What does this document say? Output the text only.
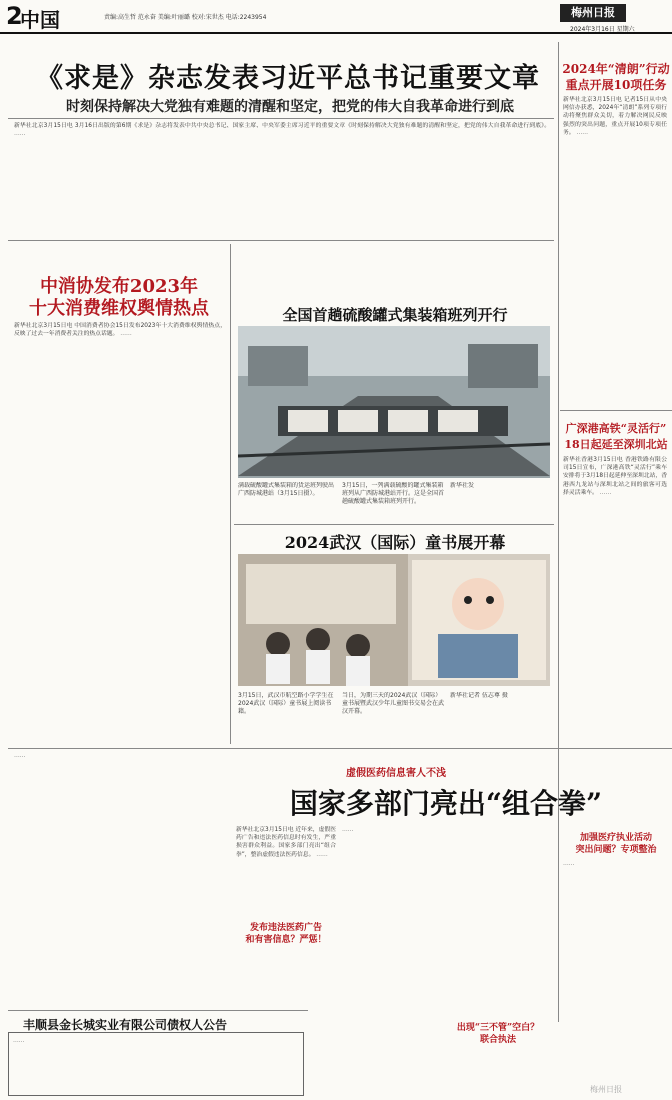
2
中国	责编:高生哲 范永奋 美编:叶丽璐 校对:宋世杰 电话:2243954	梅州日报
2024年3月16日 星期六
《求是》杂志发表习近平总书记重要文章
时刻保持解决大党独有难题的清醒和坚定，把党的伟大自我革命进行到底
新华社北京3月15日电 3月16日出版的第6期《求是》杂志将发表中共中央总书记、国家主席、中央军委主席习近平的重要文章《时刻保持解决大党独有难题的清醒和坚定，把党的伟大自我革命进行到底》。 ……
2024年“清朗”行动
重点开展10项任务
新华社北京3月15日电 记者15日从中央网信办获悉，2024年“清朗”系列专项行动将聚焦群众关切，着力解决网民反映强烈的突出问题，重点开展10项专项任务。 ……
中消协发布2023年
十大消费维权舆情热点
新华社北京3月15日电 中国消费者协会15日发布2023年十大消费维权舆情热点，反映了过去一年消费者关注的热点话题。 ……
全国首趟硫酸罐式集装箱班列开行
满载硫酸罐式集装箱的货运班列驶出广西防城港站（3月15日摄）。
3月15日，一列满载硫酸的罐式集装箱班列从广西防城港站开行。这是全国首趟硫酸罐式集装箱班列开行。
新华社发
2024武汉（国际）童书展开幕
3月15日，武汉市航空路小学学生在2024武汉（国际）童书展上阅读书籍。
当日，为期三天的2024武汉（国际）童书展暨武汉少年儿童图书交易会在武汉开幕。
新华社记者 伍志尊 摄
广深港高铁“灵活行”
18日起延至深圳北站
新华社香港3月15日电 香港铁路有限公司15日宣布，广深港高铁“灵活行”乘车安排将于3月18日起延伸至深圳北站，香港西九龙站与深圳北站之间的旅客可选择灵活乘车。 ……
……
虚假医药信息害人不浅
国家多部门亮出“组合拳”
新华社北京3月15日电 近年来，虚假医药广告和违法医药信息时有发生，严重损害群众利益。国家多部门亮出“组合拳”，整治虚假违法医药信息。 ……
发布违法医药广告
和有害信息？严惩！
……
出现“三不管”空白？
联合执法
加强医疗执业活动
突出问题？专项整治
……
丰顺县金长城实业有限公司债权人公告
……
梅州日报
